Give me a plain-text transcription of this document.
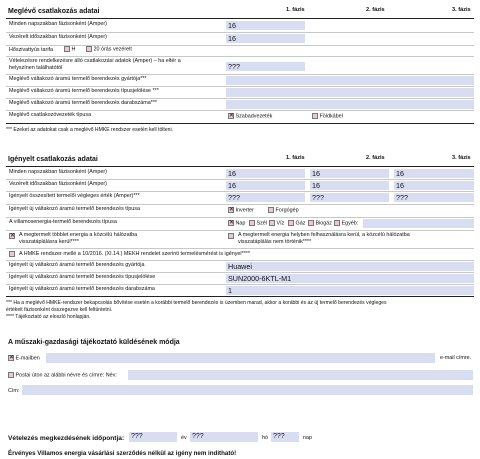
Meglévő csatlakozás adatai	1. fázis	2. fázis	3. fázis
Minden napszakban fázisonként (Amper)	16
Vezérelt időszakban fázisonként (Amper)	16
Hőszivattyús tarifa	H	20 órás vezérelt
Vételezésre rendelkezésre álló csatlakozási adatok (Amper) – ha eltér a
helyszínen találhatótól	???
Meglévő váltakozó áramú termelő berendezés gyártója***
Meglévő váltakozó áramú termelő berendezés típusjelölése ***
Meglévő váltakozó áramú termelő berendezés darabszáma***
Meglévő csatlakozóvezeték típusa ✕	Szabadvezeték	Földkábel
*** Ezeket az adatokat csak a meglévő HMKE rendszer esetén kell tölteni.
Igényelt csatlakozás adatai	1. fázis	2. fázis	3. fázis
Minden napszakban fázisonként (Amper)	16	16	16
Vezérelt időszakban fázisonként (Amper)	16	16	16
Igényelt összesített termelői végleges érték (Amper)***	???	???	???
Igényelt új váltakozó áramú termelő berendezés típusa ✕	Inverter	Forgógép
A villamosenergia-termelő berendezés típusa ✕	Nap	Szél	Víz	Gáz	Biogáz	Egyéb:
✕
A megtermelt többlet energia a közcélú hálózatba
visszatáplálásra kerül****
A megtermelt energia helyben felhasználásra kerül, a közcélú hálózatba
visszatáplálás nem történik****
A HMKE rendszer mellé a 10/2016. (XI.14.) MEKH rendelet szerinti termelésmérést is igényel****
Igényelt új váltakozó áramú termelő berendezés gyártója	Huawei
Igényelt új váltakozó áramú termelő berendezés típusjelölése	SUN2000-6KTL-M1
Igényelt új váltakozó áramú termelő berendezés darabszáma	1
*** Ha a meglévő HMKE-rendszer bekapcsolás bővítése esetén a korábbi termelő berendezés is üzemben marad, akkor a korábbi és az új termelő berendezés végleges
értékeit fázisonként összegezve kell feltüntetni.
**** Tájékoztató az eloszló honlapján.
A műszaki-gazdasági tájékoztató küldésének módja
✕ E-mailben	e-mail címre.
Postai úton az alábbi névre és címre: Név:
Cím:
Vételezés megkezdésének időpontja: ???	év ???	hó ???	nap
Érvényes Villamos energia vásárlási szerződés nélkül az igény nem indítható!
